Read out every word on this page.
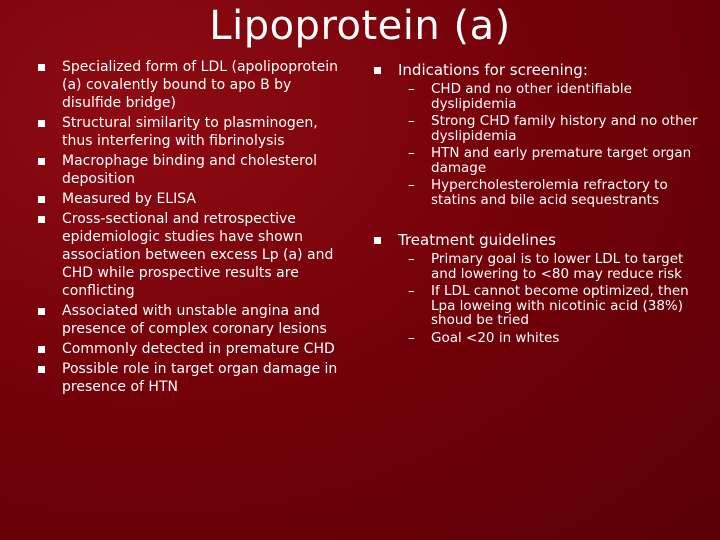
Lipoprotein (a)
Specialized form of LDL (apolipoprotein (a) covalently bound to apo B by disulfide bridge)
Structural similarity to plasminogen, thus interfering with fibrinolysis
Macrophage binding and cholesterol deposition
Measured by ELISA
Cross-sectional and retrospective epidemiologic studies have shown association between excess Lp (a) and CHD while prospective results are conflicting
Associated with unstable angina and presence of complex coronary lesions
Commonly detected in premature CHD
Possible role in target organ damage in presence of HTN
Indications for screening:
– CHD and no other identifiable dyslipidemia
– Strong CHD family history and no other dyslipidemia
– HTN and early premature target organ damage
– Hypercholesterolemia refractory to statins and bile acid sequestrants
Treatment guidelines
– Primary goal is to lower LDL to target and lowering to <80 may reduce risk
– If LDL cannot become optimized, then Lpa loweing with nicotinic acid (38%) shoud be tried
– Goal <20 in whites
